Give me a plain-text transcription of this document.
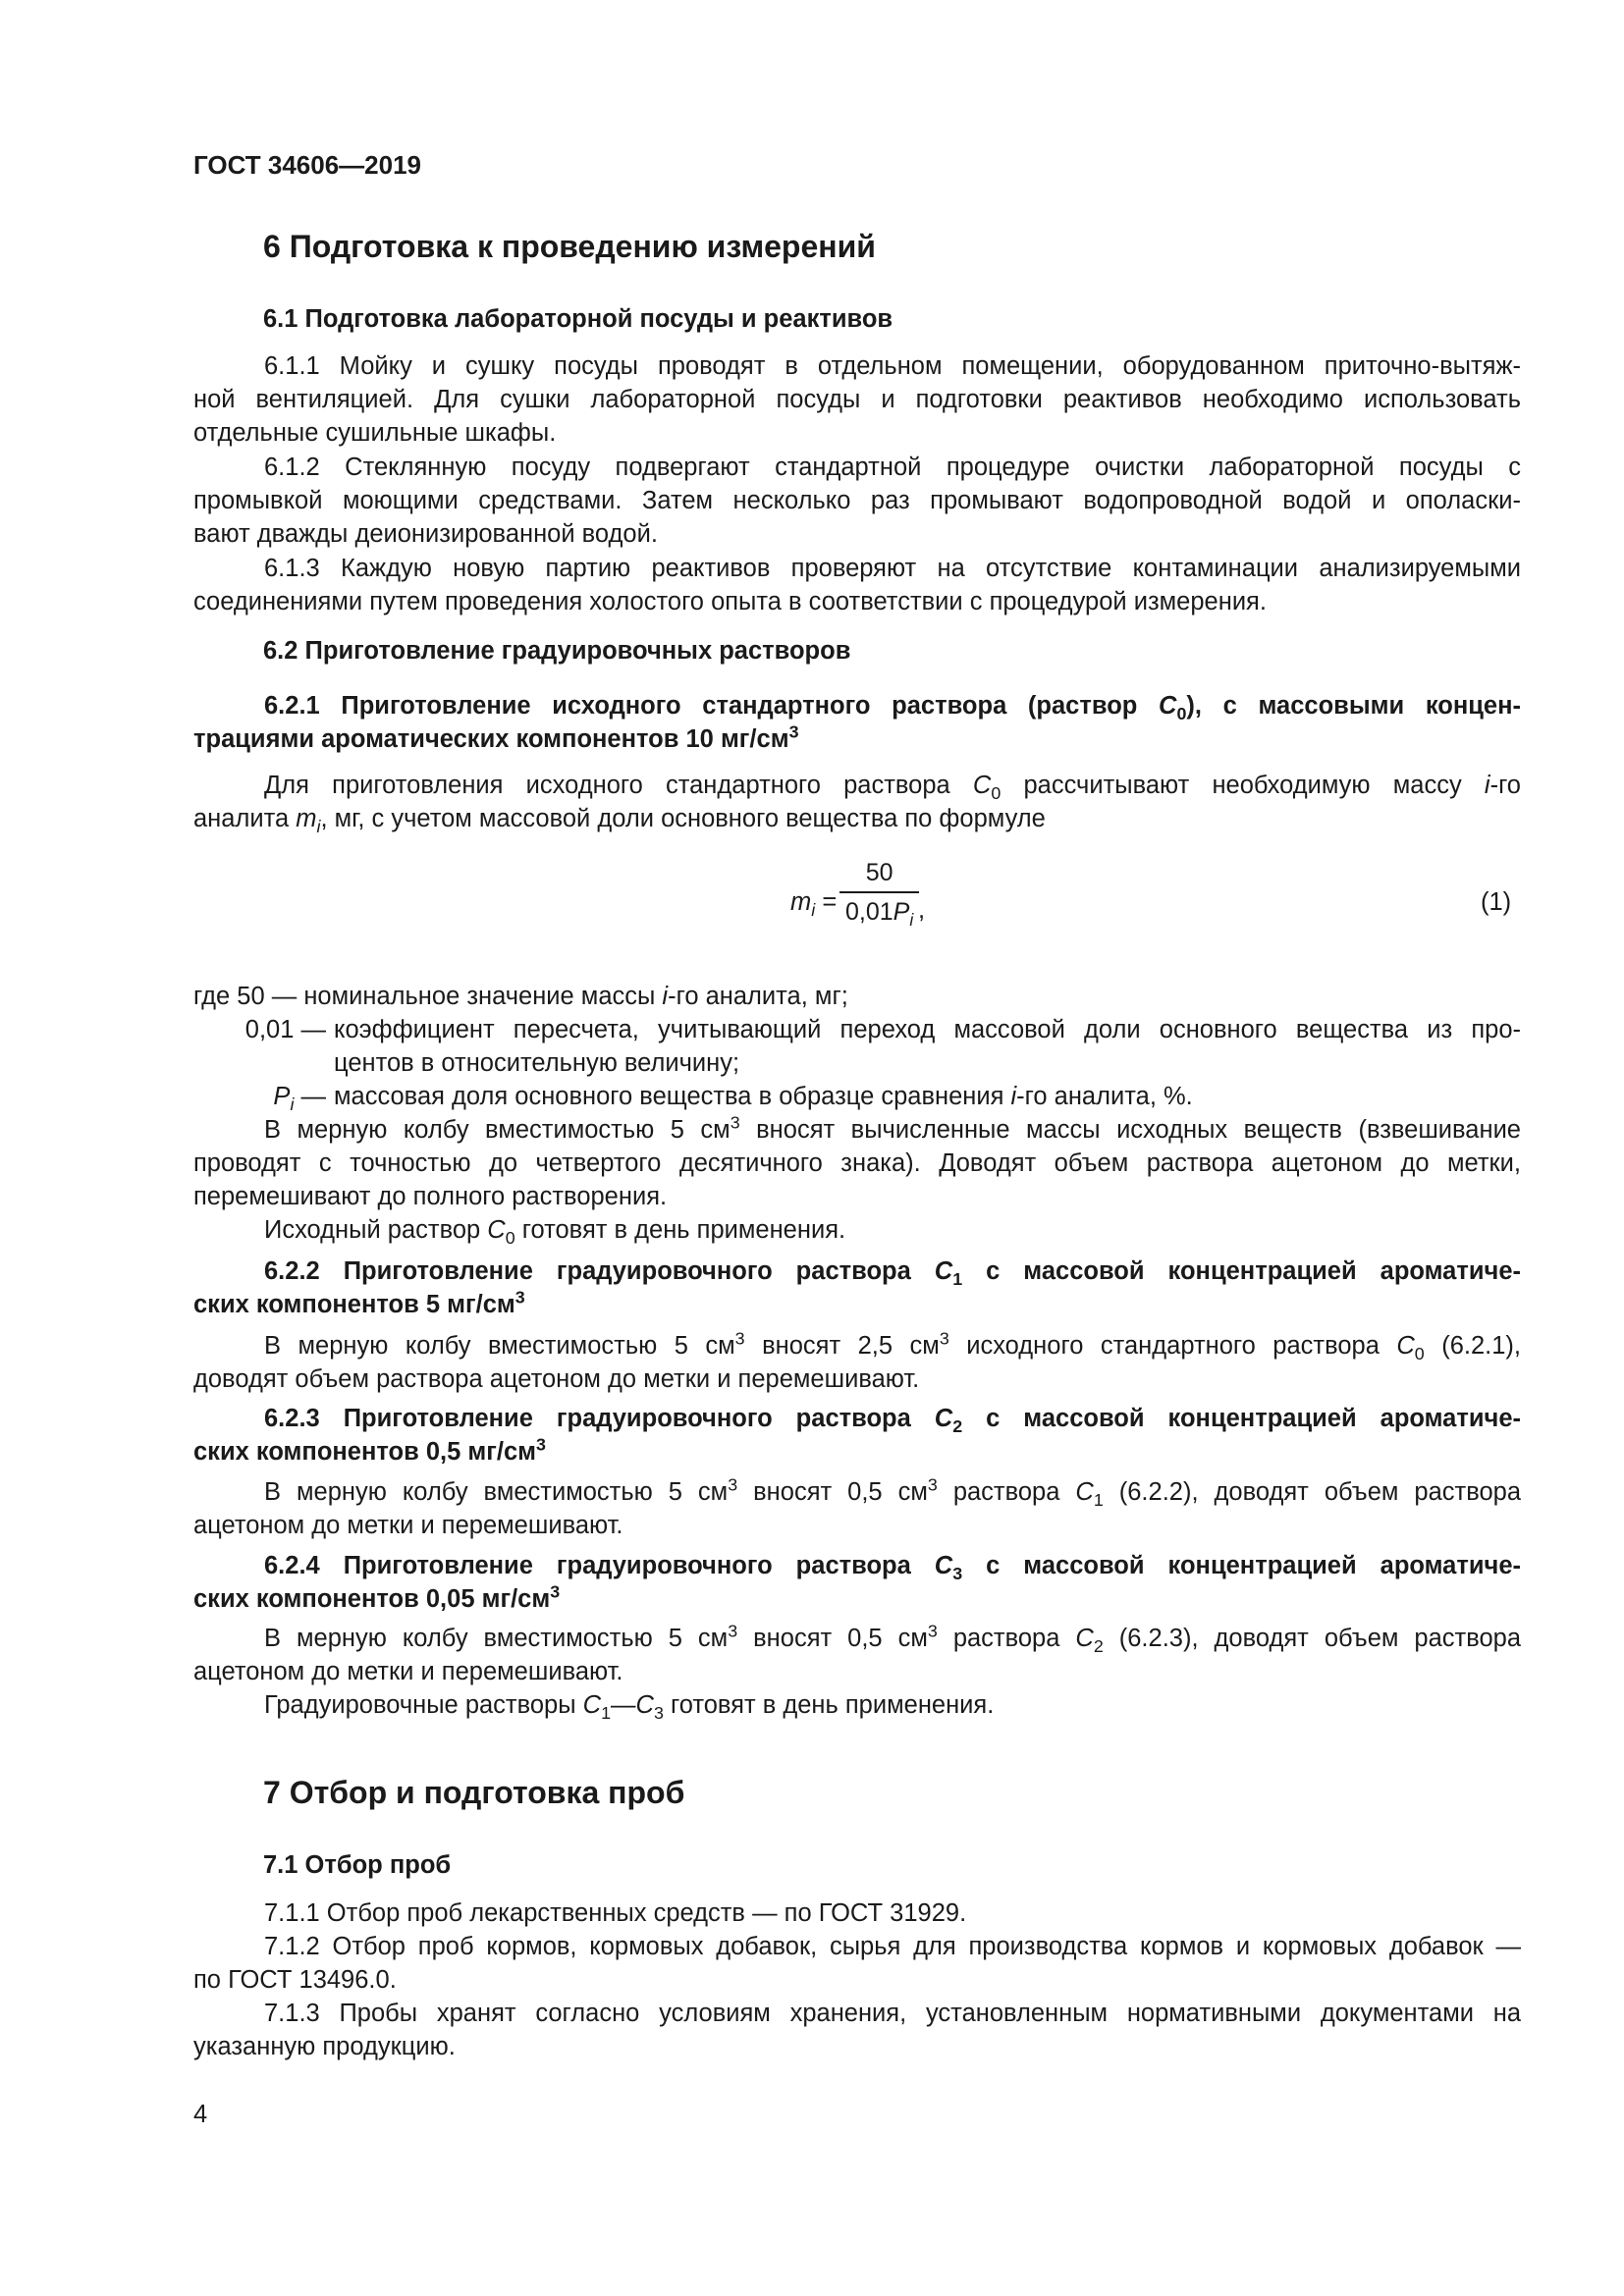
ГОСТ 34606—2019
6 Подготовка к проведению измерений
6.1 Подготовка лабораторной посуды и реактивов
6.1.1 Мойку и сушку посуды проводят в отдельном помещении, оборудованном приточно-вытяж-
ной вентиляцией. Для сушки лабораторной посуды и подготовки реактивов необходимо использовать
отдельные сушильные шкафы.
6.1.2 Стеклянную посуду подвергают стандартной процедуре очистки лабораторной посуды с
промывкой моющими средствами. Затем несколько раз промывают водопроводной водой и ополаски-
вают дважды деионизированной водой.
6.1.3 Каждую новую партию реактивов проверяют на отсутствие контаминации анализируемыми
соединениями путем проведения холостого опыта в соответствии с процедурой измерения.
6.2 Приготовление градуировочных растворов
6.2.1 Приготовление исходного стандартного раствора (раствор $C_0$), с массовыми концен-
трациями ароматических компонентов 10 $мг/см^3$
Для приготовления исходного стандартного раствора $C_0$ рассчитывают необходимую массу i-го
аналита $m_i$, мг, с учетом массовой доли основного вещества по формуле
$m_i$ =
50
$0,01P_i$ ,	(1)
где 50 — номинальное значение массы i-го аналита, мг;
0,01 — коэффициент пересчета, учитывающий переход массовой доли основного вещества из про-
центов в относительную величину;
$P_i$ — массовая доля основного вещества в образце сравнения i-го аналита, %.
В мерную колбу вместимостью 5 $см^3$ вносят вычисленные массы исходных веществ (взвешивание
проводят с точностью до четвертого десятичного знака). Доводят объем раствора ацетоном до метки,
перемешивают до полного растворения.
Исходный раствор $C_0$ готовят в день применения.
6.2.2 Приготовление градуировочного раствора $C_1$ с массовой концентрацией ароматиче-
ских компонентов 5 $мг/см^3$
В мерную колбу вместимостью 5 $см^3$ вносят 2,5 $см^3$ исходного стандартного раствора $C_0$ (6.2.1),
доводят объем раствора ацетоном до метки и перемешивают.
6.2.3 Приготовление градуировочного раствора $C_2$ с массовой концентрацией ароматиче-
ских компонентов 0,5 $мг/см^3$
В мерную колбу вместимостью 5 $см^3$ вносят 0,5 $см^3$ раствора $C_1$ (6.2.2), доводят объем раствора
ацетоном до метки и перемешивают.
6.2.4 Приготовление градуировочного раствора $C_3$ с массовой концентрацией ароматиче-
ских компонентов 0,05 $мг/см^3$
В мерную колбу вместимостью 5 $см^3$ вносят 0,5 $см^3$ раствора $C_2$ (6.2.3), доводят объем раствора
ацетоном до метки и перемешивают.
Градуировочные растворы $C_1—C_3$ готовят в день применения.
7 Отбор и подготовка проб
7.1 Отбор проб
7.1.1 Отбор проб лекарственных средств — по ГОСТ 31929.
7.1.2 Отбор проб кормов, кормовых добавок, сырья для производства кормов и кормовых добавок —
по ГОСТ 13496.0.
7.1.3 Пробы хранят согласно условиям хранения, установленным нормативными документами на
указанную продукцию.
4
